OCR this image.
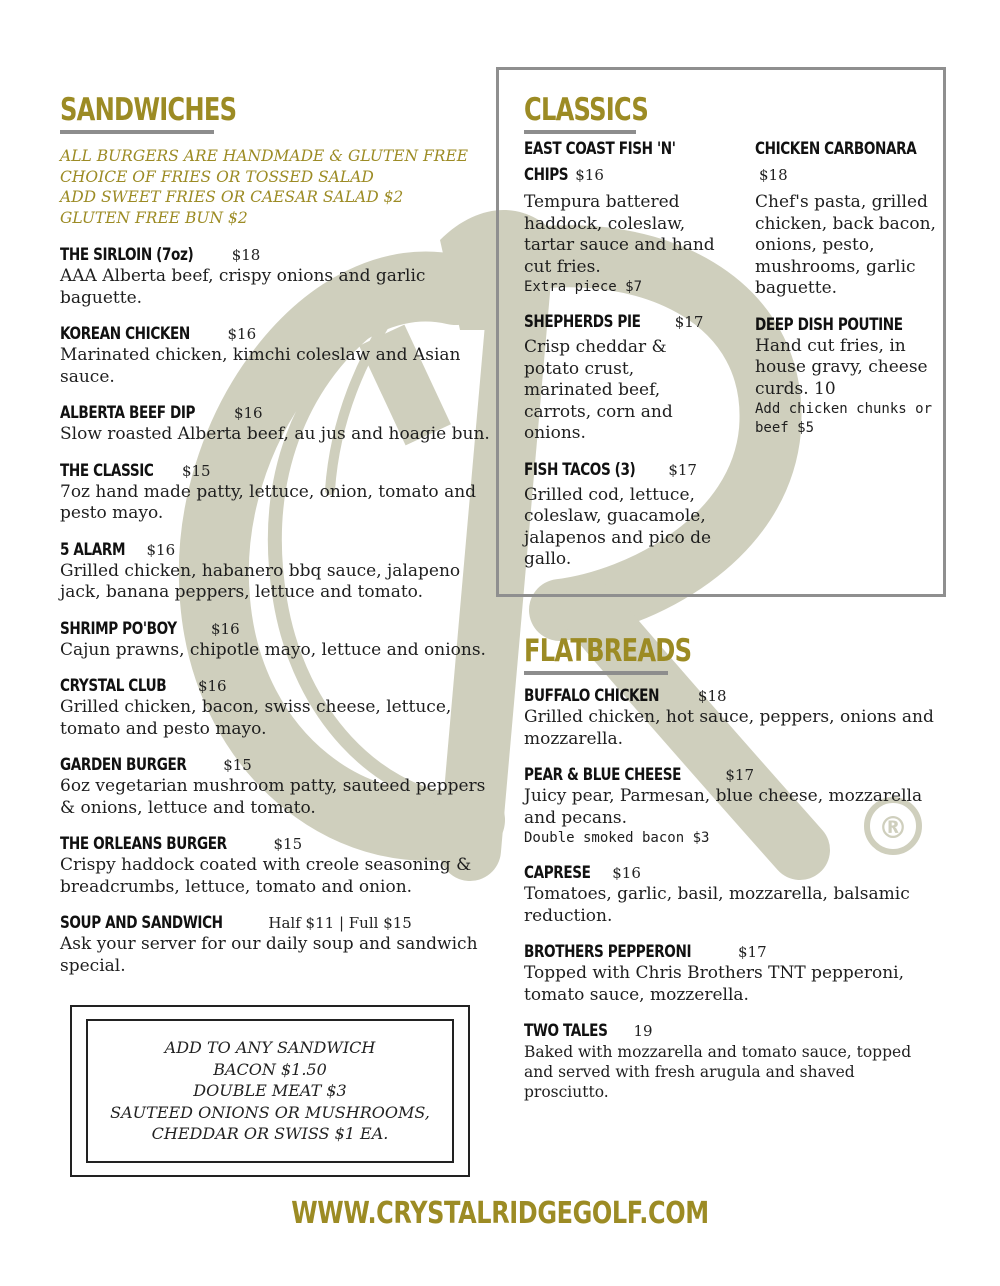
®
SANDWICHES
ALL BURGERS ARE HANDMADE & GLUTEN FREE
CHOICE OF FRIES OR TOSSED SALAD
ADD SWEET FRIES OR CAESAR SALAD $2
GLUTEN FREE BUN $2
THE SIRLOIN (7oz)	$18
AAA Alberta beef, crispy onions and garlic baguette.
KOREAN CHICKEN	$16
Marinated chicken, kimchi coleslaw and Asian sauce.
ALBERTA BEEF DIP	$16
Slow roasted Alberta beef, au jus and hoagie bun.
THE CLASSIC $15
7oz hand made patty, lettuce, onion, tomato and pesto mayo.
5 ALARM $16
Grilled chicken, habanero bbq sauce, jalapeno jack, banana peppers, lettuce and tomato.
SHRIMP PO'BOY $16
Cajun prawns, chipotle mayo, lettuce and onions.
CRYSTAL CLUB $16
Grilled chicken, bacon, swiss cheese, lettuce, tomato and pesto mayo.
GARDEN BURGER $15
6oz vegetarian mushroom patty, sauteed peppers & onions, lettuce and tomato.
THE ORLEANS BURGER	$15
Crispy haddock coated with creole seasoning & breadcrumbs, lettuce, tomato and onion.
SOUP AND SANDWICH	Half $11 | Full $15
Ask your server for our daily soup and sandwich special.
ADD TO ANY SANDWICH
BACON $1.50
DOUBLE MEAT $3
SAUTEED ONIONS OR MUSHROOMS,
CHEDDAR OR SWISS $1 EA.
CLASSICS
EAST COAST FISH 'N'
CHIPS $16
Tempura battered haddock, coleslaw, tartar sauce and hand cut fries.
Extra piece $7
SHEPHERDS PIE $17
Crisp cheddar & potato crust, marinated beef, carrots, corn and onions.
FISH TACOS (3) $17
Grilled cod, lettuce, coleslaw, guacamole, jalapenos and pico de gallo.
CHICKEN CARBONARA
$18
Chef's pasta, grilled chicken, back bacon, onions, pesto, mushrooms, garlic baguette.
DEEP DISH POUTINE
Hand cut fries, in house gravy, cheese curds. 10
Add chicken chunks or beef $5
FLATBREADS
BUFFALO CHICKEN	$18
Grilled chicken, hot sauce, peppers, onions and mozzarella.
PEAR & BLUE CHEESE	$17
Juicy pear, Parmesan, blue cheese, mozzarella and pecans.
Double smoked bacon $3
CAPRESE $16
Tomatoes, garlic, basil, mozzarella, balsamic reduction.
BROTHERS PEPPERONI	$17
Topped with Chris Brothers TNT pepperoni, tomato sauce, mozzerella.
TWO TALES 19
Baked with mozzarella and tomato sauce, topped and served with fresh arugula and shaved prosciutto.
WWW.CRYSTALRIDGEGOLF.COM
